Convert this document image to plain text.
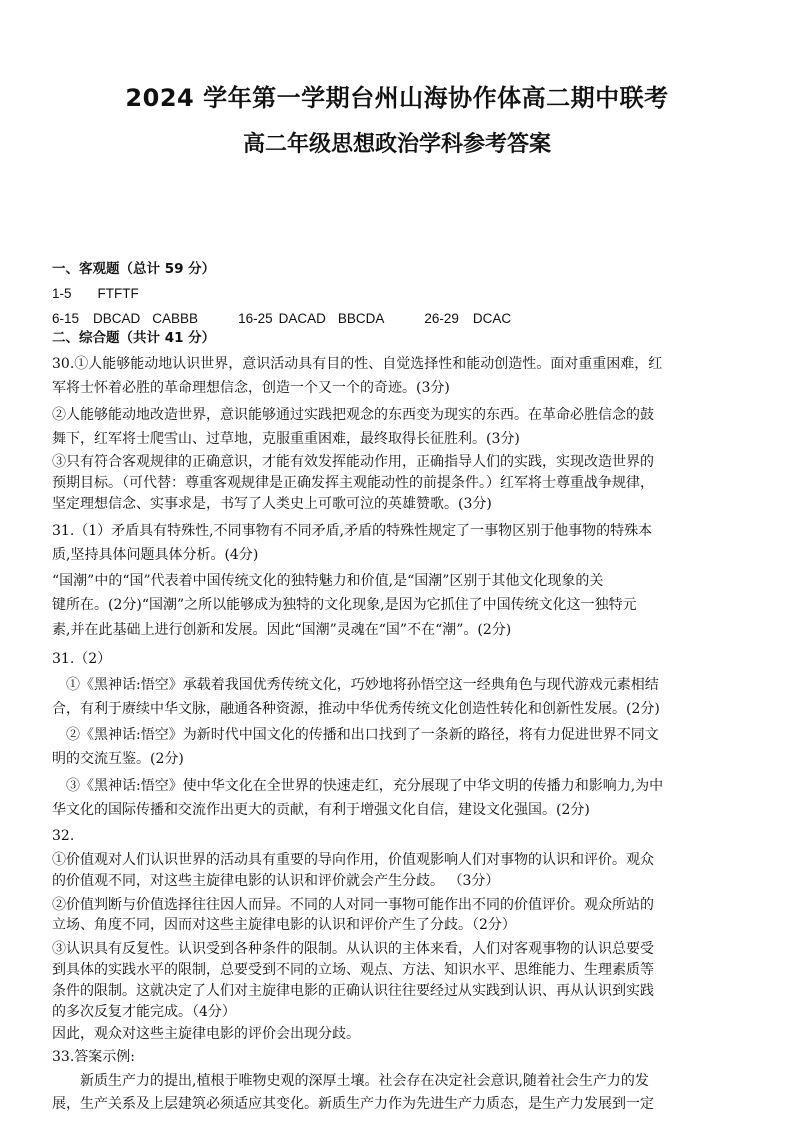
2024 学年第一学期台州山海协作体高二期中联考
高二年级思想政治学科参考答案
一、客观题（总计 59 分）
1-5 FTFTF
6-15 DBCAD CABBB	16-25 DACAD BBCDA	26-29 DCAC
二、综合题（共计 41 分）
30.①人能够能动地认识世界，意识活动具有目的性、自觉选择性和能动创造性。面对重重困难，红
军将士怀着必胜的革命理想信念，创造一个又一个的奇迹。(3分)
②人能够能动地改造世界，意识能够通过实践把观念的东西变为现实的东西。在革命必胜信念的鼓
舞下，红军将士爬雪山、过草地，克服重重困难，最终取得长征胜利。(3分)
③只有符合客观规律的正确意识，才能有效发挥能动作用，正确指导人们的实践，实现改造世界的
预期目标。（可代替：尊重客观规律是正确发挥主观能动性的前提条件。）红军将士尊重战争规律，
坚定理想信念、实事求是，书写了人类史上可歌可泣的英雄赞歌。(3分)
31.（1）矛盾具有特殊性,不同事物有不同矛盾,矛盾的特殊性规定了一事物区别于他事物的特殊本
质,坚持具体问题具体分析。(4分)
“国潮”中的“国”代表着中国传统文化的独特魅力和价值,是“国潮”区别于其他文化现象的关
键所在。(2分)“国潮”之所以能够成为独特的文化现象,是因为它抓住了中国传统文化这一独特元
素,并在此基础上进行创新和发展。因此“国潮”灵魂在“国”不在“潮”。(2分)
31.（2）
①《黑神话:悟空》承载着我国优秀传统文化，巧妙地将孙悟空这一经典角色与现代游戏元素相结
合，有利于赓续中华文脉，融通各种资源，推动中华优秀传统文化创造性转化和创新性发展。(2分)
②《黑神话:悟空》为新时代中国文化的传播和出口找到了一条新的路径，将有力促进世界不同文
明的交流互鉴。(2分)
③《黑神话:悟空》使中华文化在全世界的快速走红，充分展现了中华文明的传播力和影响力,为中
华文化的国际传播和交流作出更大的贡献，有利于增强文化自信，建设文化强国。(2分)
32.
①价值观对人们认识世界的活动具有重要的导向作用，价值观影响人们对事物的认识和评价。观众
的价值观不同，对这些主旋律电影的认识和评价就会产生分歧。 （3分）
②价值判断与价值选择往往因人而异。不同的人对同一事物可能作出不同的价值评价。观众所站的
立场、角度不同，因而对这些主旋律电影的认识和评价产生了分歧。（2分）
③认识具有反复性。认识受到各种条件的限制。从认识的主体来看，人们对客观事物的认识总要受
到具体的实践水平的限制，总要受到不同的立场、观点、方法、知识水平、思维能力、生理素质等
条件的限制。这就决定了人们对主旋律电影的正确认识往往要经过从实践到认识、再从认识到实践
的多次反复才能完成。（4分）
因此，观众对这些主旋律电影的评价会出现分歧。
33.答案示例:
新质生产力的提出,植根于唯物史观的深厚土壤。社会存在决定社会意识,随着社会生产力的发
展，生产关系及上层建筑必须适应其变化。新质生产力作为先进生产力质态，是生产力发展到一定
